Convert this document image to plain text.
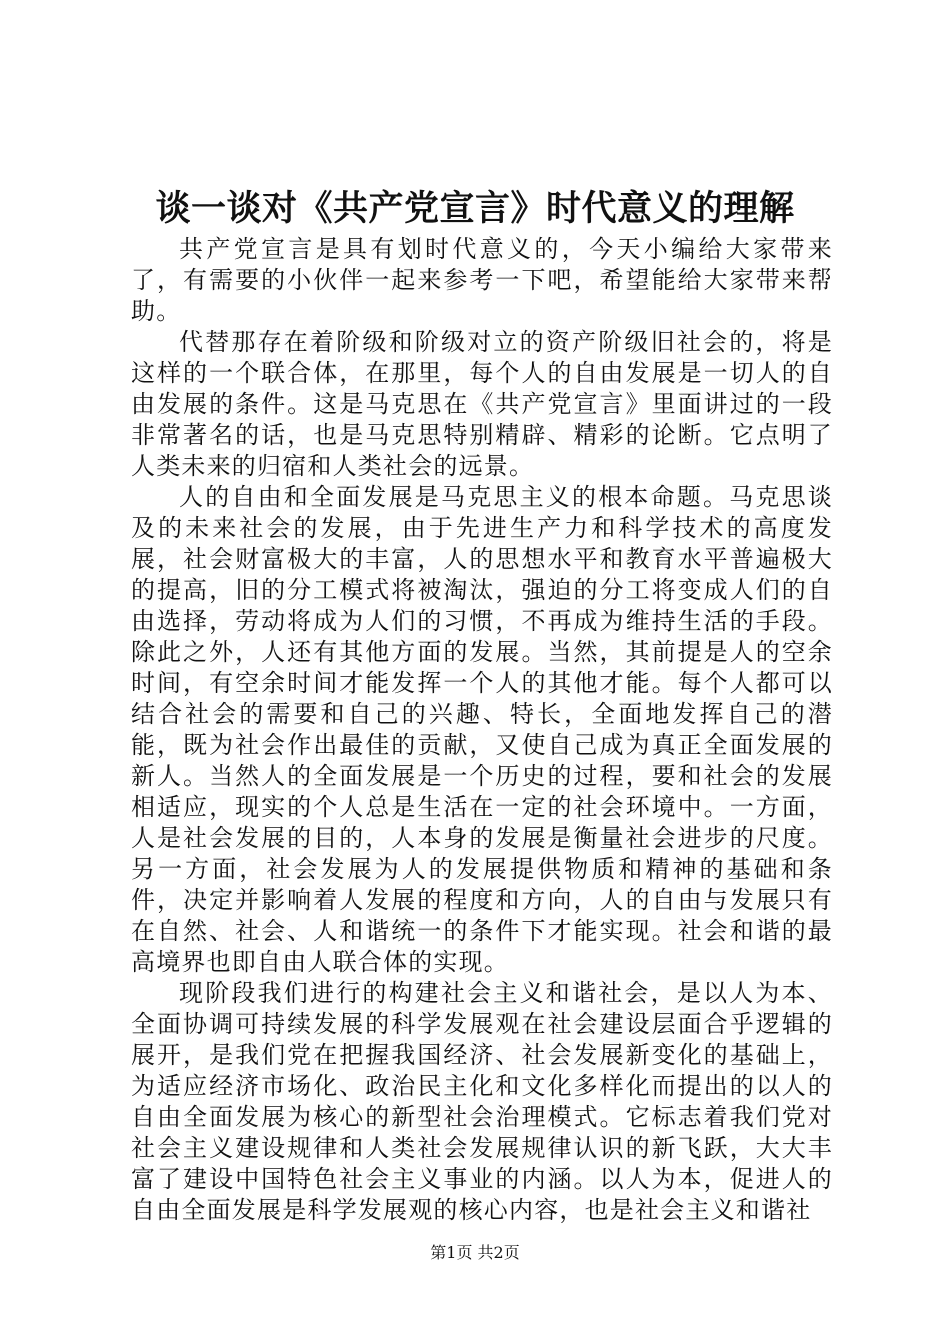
谈一谈对《共产党宣言》时代意义的理解

共产党宣言是具有划时代意义的，今天小编给大家带来了，有需要的小伙伴一起来参考一下吧，希望能给大家带来帮助。

代替那存在着阶级和阶级对立的资产阶级旧社会的，将是这样的一个联合体，在那里，每个人的自由发展是一切人的自由发展的条件。这是马克思在《共产党宣言》里面讲过的一段非常著名的话，也是马克思特别精辟、精彩的论断。它点明了人类未来的归宿和人类社会的远景。

人的自由和全面发展是马克思主义的根本命题。马克思谈及的未来社会的发展，由于先进生产力和科学技术的高度发展，社会财富极大的丰富，人的思想水平和教育水平普遍极大的提高，旧的分工模式将被淘汰，强迫的分工将变成人们的自由选择，劳动将成为人们的习惯，不再成为维持生活的手段。除此之外，人还有其他方面的发展。当然，其前提是人的空余时间，有空余时间才能发挥一个人的其他才能。每个人都可以结合社会的需要和自己的兴趣、特长，全面地发挥自己的潜能，既为社会作出最佳的贡献，又使自己成为真正全面发展的新人。当然人的全面发展是一个历史的过程，要和社会的发展相适应，现实的个人总是生活在一定的社会环境中。一方面，人是社会发展的目的，人本身的发展是衡量社会进步的尺度。另一方面，社会发展为人的发展提供物质和精神的基础和条件，决定并影响着人发展的程度和方向，人的自由与发展只有在自然、社会、人和谐统一的条件下才能实现。社会和谐的最高境界也即自由人联合体的实现。

现阶段我们进行的构建社会主义和谐社会，是以人为本、全面协调可持续发展的科学发展观在社会建设层面合乎逻辑的展开，是我们党在把握我国经济、社会发展新变化的基础上，为适应经济市场化、政治民主化和文化多样化而提出的以人的自由全面发展为核心的新型社会治理模式。它标志着我们党对社会主义建设规律和人类社会发展规律认识的新飞跃，大大丰富了建设中国特色社会主义事业的内涵。以人为本，促进人的自由全面发展是科学发展观的核心内容，也是社会主义和谐社

第1页 共2页
